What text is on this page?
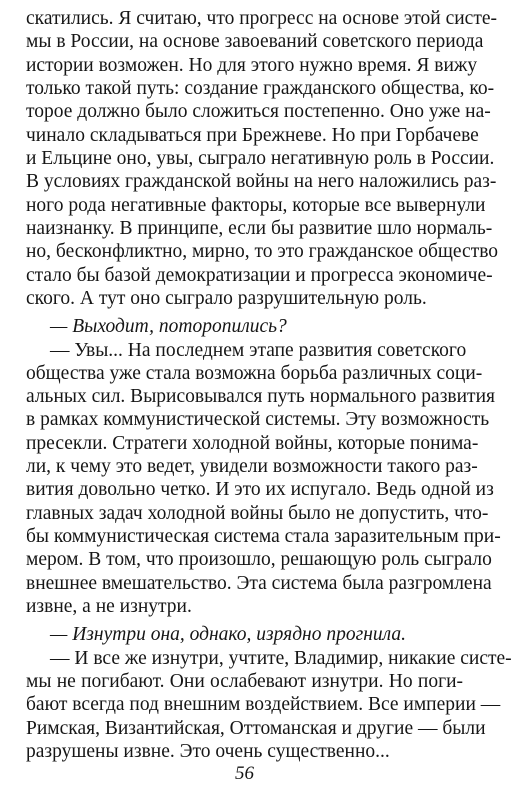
скатились. Я считаю, что прогресс на основе этой систе-
мы в России, на основе завоеваний советского периода
истории возможен. Но для этого нужно время. Я вижу
только такой путь: создание гражданского общества, ко-
торое должно было сложиться постепенно. Оно уже на-
чинало складываться при Брежневе. Но при Горбачеве
и Ельцине оно, увы, сыграло негативную роль в России.
В условиях гражданской войны на него наложились раз-
ного рода негативные факторы, которые все вывернули
наизнанку. В принципе, если бы развитие шло нормаль-
но, бесконфликтно, мирно, то это гражданское общество
стало бы базой демократизации и прогресса экономиче-
ского. А тут оно сыграло разрушительную роль.
— Выходит, поторопились?
— Увы... На последнем этапе развития советского
общества уже стала возможна борьба различных соци-
альных сил. Вырисовывался путь нормального развития
в рамках коммунистической системы. Эту возможность
пресекли. Стратеги холодной войны, которые понима-
ли, к чему это ведет, увидели возможности такого раз-
вития довольно четко. И это их испугало. Ведь одной из
главных задач холодной войны было не допустить, что-
бы коммунистическая система стала заразительным при-
мером. В том, что произошло, решающую роль сыграло
внешнее вмешательство. Эта система была разгромлена
извне, а не изнутри.
— Изнутри она, однако, изрядно прогнила.
— И все же изнутри, учтите, Владимир, никакие систе-
мы не погибают. Они ослабевают изнутри. Но поги-
бают всегда под внешним воздействием. Все империи —
Римская, Византийская, Оттоманская и другие — были
разрушены извне. Это очень существенно...
56
